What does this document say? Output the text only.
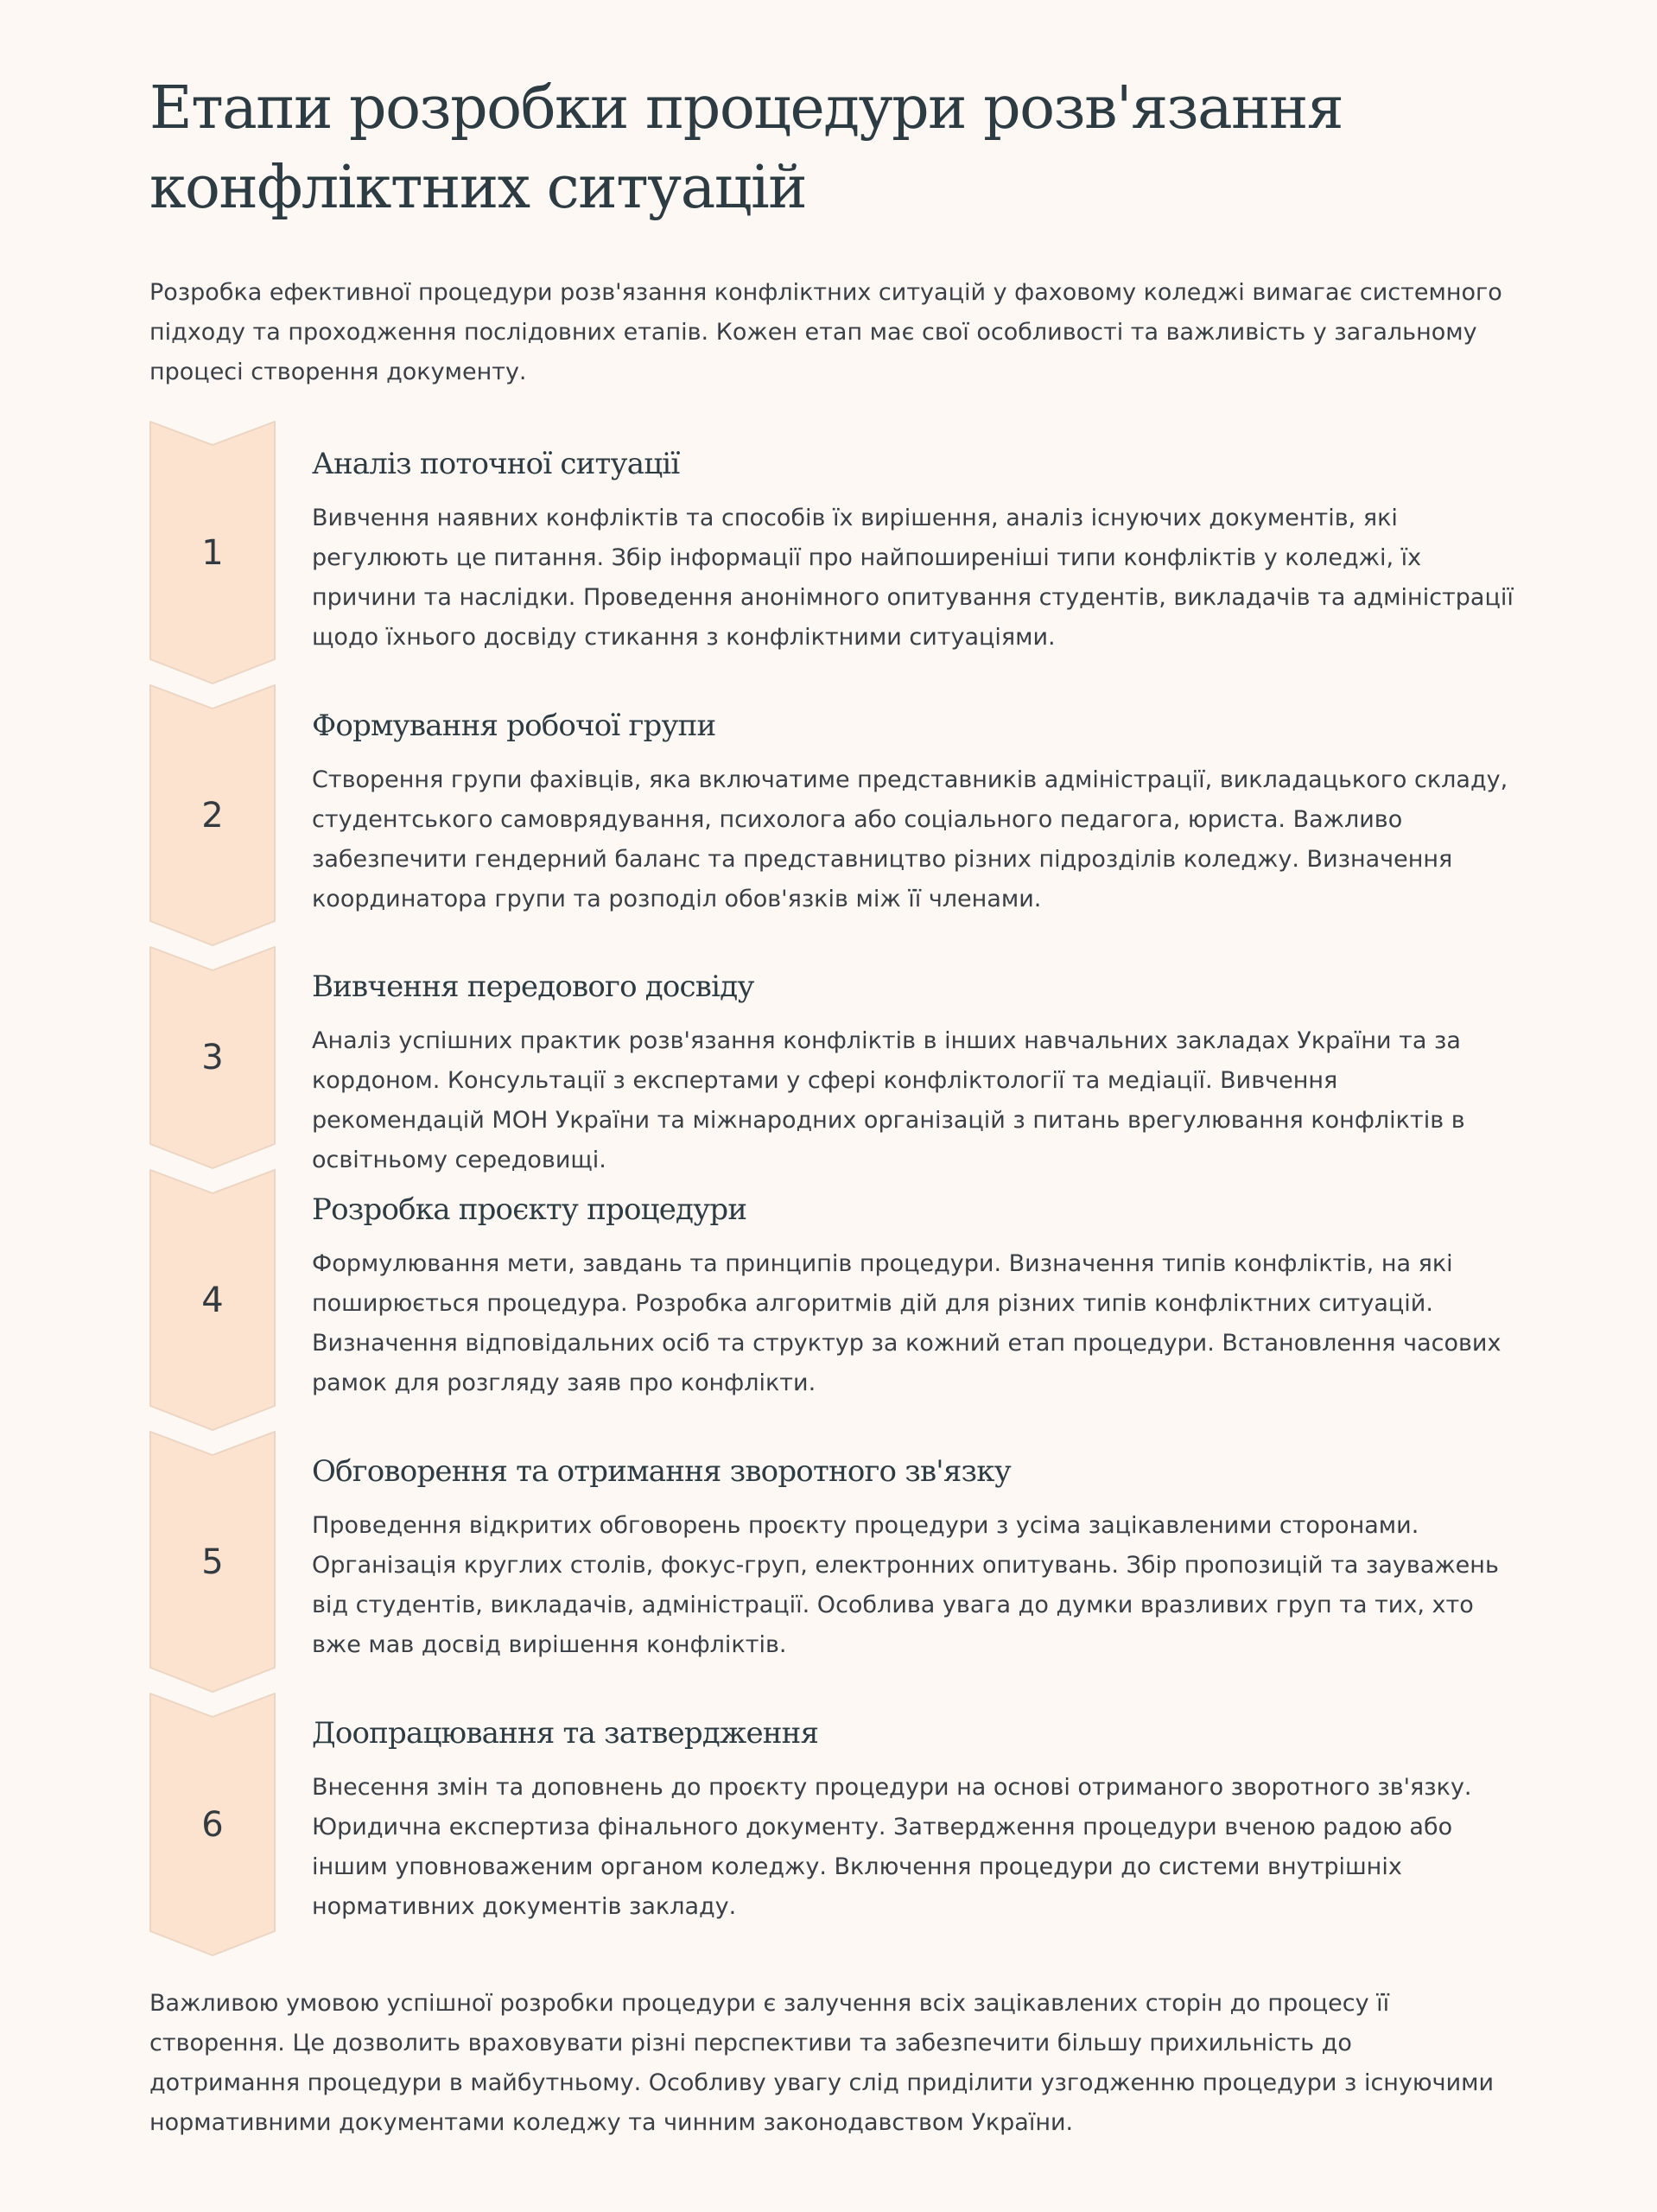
Етапи розробки процедури розв'язання конфліктних ситуацій

Розробка ефективної процедури розв'язання конфліктних ситуацій у фаховому коледжі вимагає системного підходу та проходження послідовних етапів. Кожен етап має свої особливості та важливість у загальному процесі створення документу.

1
Аналіз поточної ситуації

Вивчення наявних конфліктів та способів їх вирішення, аналіз існуючих документів, які регулюють це питання. Збір інформації про найпоширеніші типи конфліктів у коледжі, їх причини та наслідки. Проведення анонімного опитування студентів, викладачів та адміністрації щодо їхнього досвіду стикання з конфліктними ситуаціями.

2
Формування робочої групи

Створення групи фахівців, яка включатиме представників адміністрації, викладацького складу, студентського самоврядування, психолога або соціального педагога, юриста. Важливо забезпечити гендерний баланс та представництво різних підрозділів коледжу. Визначення координатора групи та розподіл обов'язків між її членами.

3
Вивчення передового досвіду

Аналіз успішних практик розв'язання конфліктів в інших навчальних закладах України та за кордоном. Консультації з експертами у сфері конфліктології та медіації. Вивчення рекомендацій МОН України та міжнародних організацій з питань врегулювання конфліктів в освітньому середовищі.

4
Розробка проєкту процедури

Формулювання мети, завдань та принципів процедури. Визначення типів конфліктів, на які поширюється процедура. Розробка алгоритмів дій для різних типів конфліктних ситуацій. Визначення відповідальних осіб та структур за кожний етап процедури. Встановлення часових рамок для розгляду заяв про конфлікти.

5
Обговорення та отримання зворотного зв'язку

Проведення відкритих обговорень проєкту процедури з усіма зацікавленими сторонами. Організація круглих столів, фокус-груп, електронних опитувань. Збір пропозицій та зауважень від студентів, викладачів, адміністрації. Особлива увага до думки вразливих груп та тих, хто вже мав досвід вирішення конфліктів.

6
Доопрацювання та затвердження

Внесення змін та доповнень до проєкту процедури на основі отриманого зворотного зв'язку. Юридична експертиза фінального документу. Затвердження процедури вченою радою або іншим уповноваженим органом коледжу. Включення процедури до системи внутрішніх нормативних документів закладу.

Важливою умовою успішної розробки процедури є залучення всіх зацікавлених сторін до процесу її створення. Це дозволить враховувати різні перспективи та забезпечити більшу прихильність до дотримання процедури в майбутньому. Особливу увагу слід приділити узгодженню процедури з існуючими нормативними документами коледжу та чинним законодавством України.
